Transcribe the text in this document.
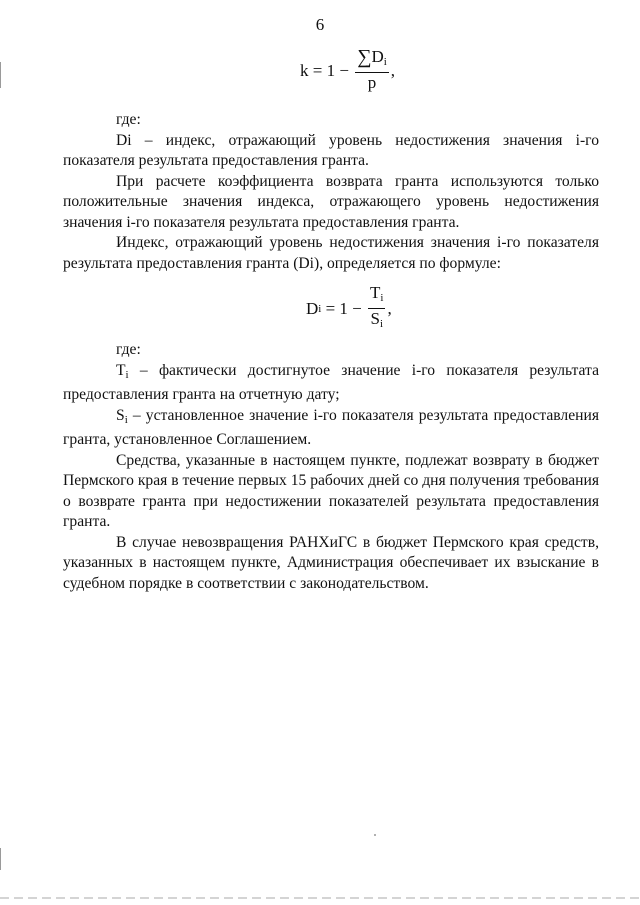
6
$k = 1 - \frac{\sum D_i}{p}$ ,

где:

Di – индекс, отражающий уровень недостижения значения i-го показателя результата предоставления гранта.

При расчете коэффициента возврата гранта используются только положительные значения индекса, отражающего уровень недостижения значения i-го показателя результата предоставления гранта.

Индекс, отражающий уровень недостижения значения i-го показателя результата предоставления гранта (Di), определяется по формуле:

D $i = 1 - \frac{T_i}{S_i}$ ,

где:

$T_i$ – фактически достигнутое значение i-го показателя результата предоставления гранта на отчетную дату;

$S_i$ – установленное значение i-го показателя результата предоставления гранта, установленное Соглашением.

Средства, указанные в настоящем пункте, подлежат возврату в бюджет Пермского края в течение первых 15 рабочих дней со дня получения требования о возврате гранта при недостижении показателей результата предоставления гранта.

В случае невозвращения РАНХиГС в бюджет Пермского края средств, указанных в настоящем пункте, Администрация обеспечивает их взыскание в судебном порядке в соответствии с законодательством.
